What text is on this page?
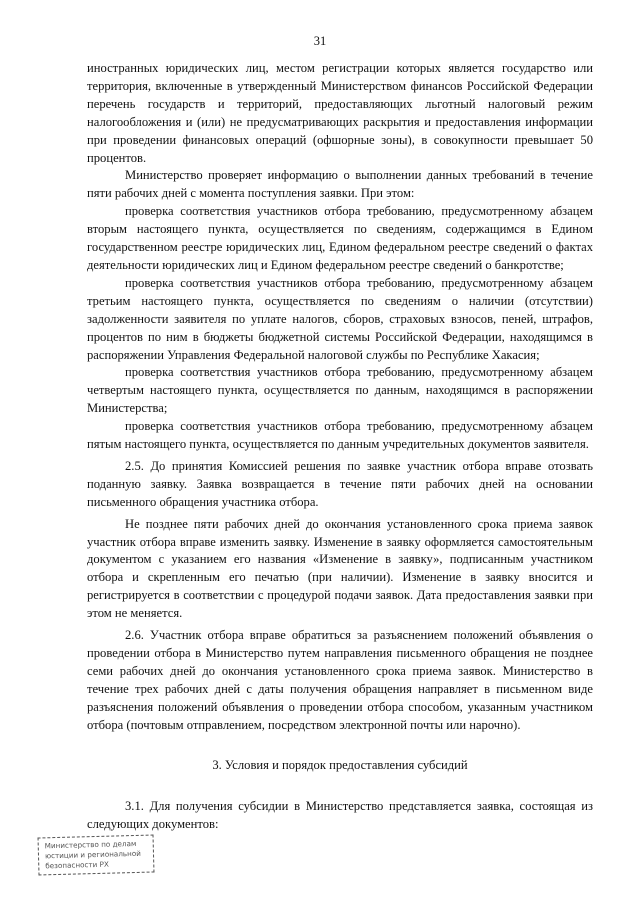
31

иностранных юридических лиц, местом регистрации которых является государство или территория, включенные в утвержденный Министерством финансов Российской Федерации перечень государств и территорий, предоставляющих льготный налоговый режим налогообложения и (или) не предусматривающих раскрытия и предоставления информации при проведении финансовых операций (офшорные зоны), в совокупности превышает 50 процентов.

Министерство проверяет информацию о выполнении данных требований в течение пяти рабочих дней с момента поступления заявки. При этом:

проверка соответствия участников отбора требованию, предусмотренному абзацем вторым настоящего пункта, осуществляется по сведениям, содержащимся в Едином государственном реестре юридических лиц, Едином федеральном реестре сведений о фактах деятельности юридических лиц и Едином федеральном реестре сведений о банкротстве;

проверка соответствия участников отбора требованию, предусмотренному абзацем третьим настоящего пункта, осуществляется по сведениям о наличии (отсутствии) задолженности заявителя по уплате налогов, сборов, страховых взносов, пеней, штрафов, процентов по ним в бюджеты бюджетной системы Российской Федерации, находящимся в распоряжении Управления Федеральной налоговой службы по Республике Хакасия;

проверка соответствия участников отбора требованию, предусмотренному абзацем четвертым настоящего пункта, осуществляется по данным, находящимся в распоряжении Министерства;

проверка соответствия участников отбора требованию, предусмотренному абзацем пятым настоящего пункта, осуществляется по данным учредительных документов заявителя.

2.5. До принятия Комиссией решения по заявке участник отбора вправе отозвать поданную заявку. Заявка возвращается в течение пяти рабочих дней на основании письменного обращения участника отбора.

Не позднее пяти рабочих дней до окончания установленного срока приема заявок участник отбора вправе изменить заявку. Изменение в заявку оформляется самостоятельным документом с указанием его названия «Изменение в заявку», подписанным участником отбора и скрепленным его печатью (при наличии). Изменение в заявку вносится и регистрируется в соответствии с процедурой подачи заявок. Дата предоставления заявки при этом не меняется.

2.6. Участник отбора вправе обратиться за разъяснением положений объявления о проведении отбора в Министерство путем направления письменного обращения не позднее семи рабочих дней до окончания установленного срока приема заявок. Министерство в течение трех рабочих дней с даты получения обращения направляет в письменном виде разъяснения положений объявления о проведении отбора способом, указанным участником отбора (почтовым отправлением, посредством электронной почты или нарочно).

3. Условия и порядок предоставления субсидий

3.1. Для получения субсидии в Министерство представляется заявка, состоящая из следующих документов:

Министерство по делам
юстиции и региональной
безопасности РХ
